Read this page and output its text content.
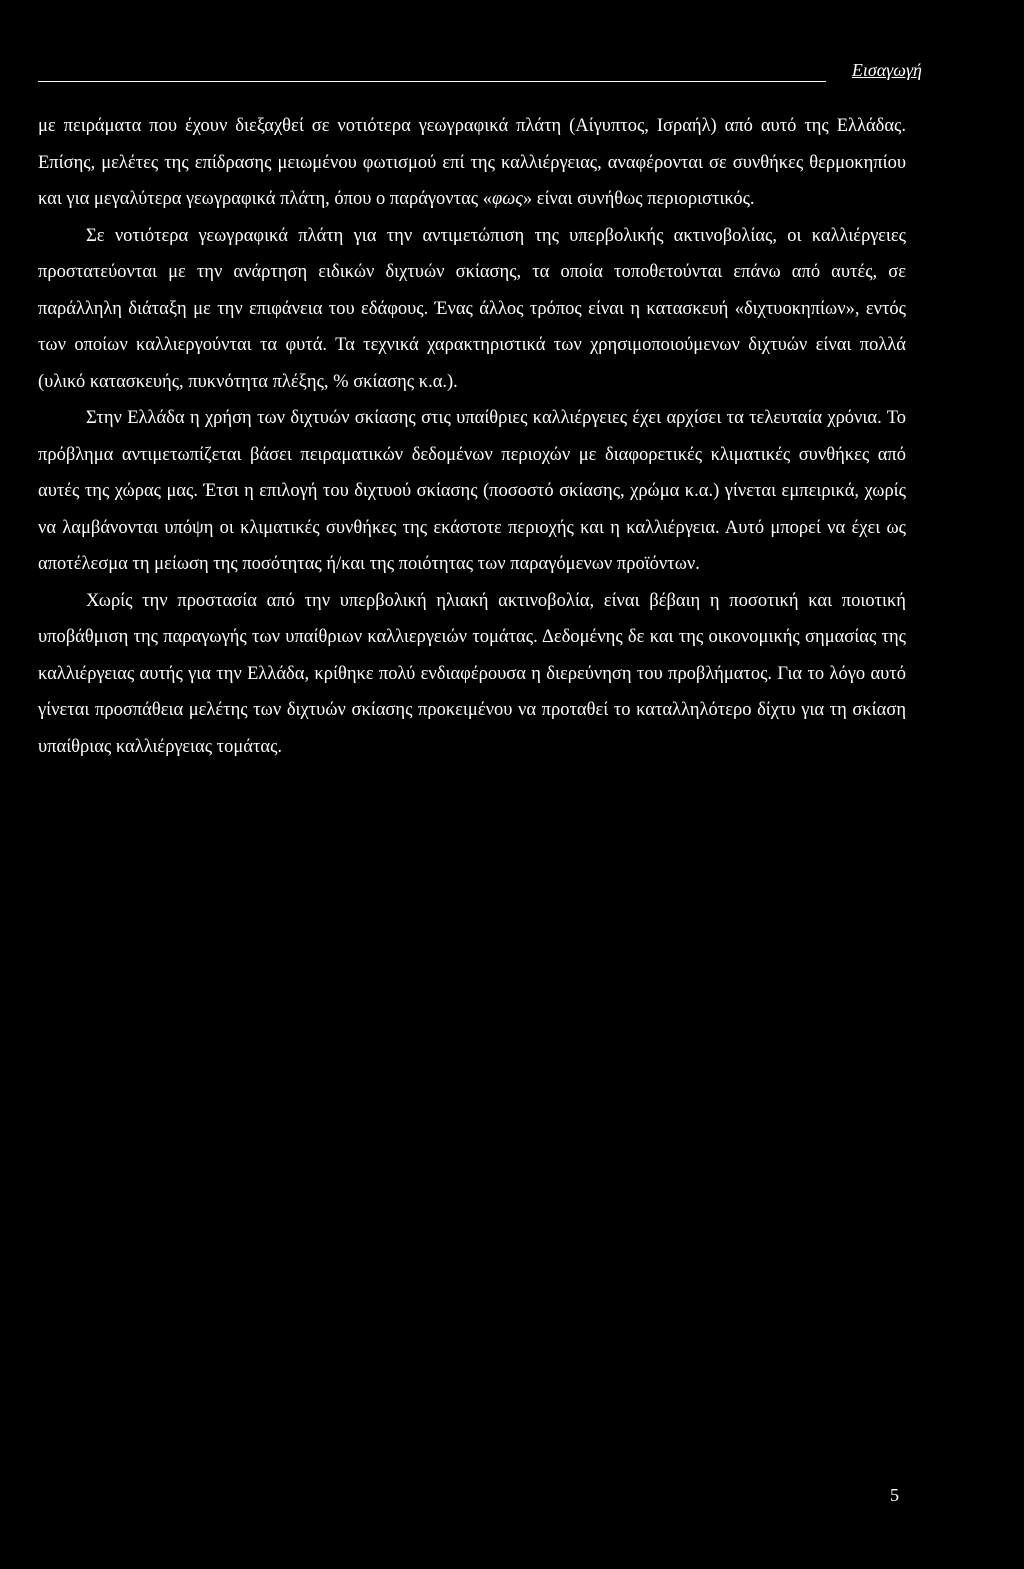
Εισαγωγή

με πειράματα που έχουν διεξαχθεί σε νοτιότερα γεωγραφικά πλάτη (Αίγυπτος, Ισραήλ) από αυτό της Ελλάδας. Επίσης, μελέτες της επίδρασης μειωμένου φωτισμού επί της καλλιέργειας, αναφέρονται σε συνθήκες θερμοκηπίου και για μεγαλύτερα γεωγραφικά πλάτη, όπου ο παράγοντας «φως» είναι συνήθως περιοριστικός.

Σε νοτιότερα γεωγραφικά πλάτη για την αντιμετώπιση της υπερβολικής ακτινοβολίας, οι καλλιέργειες προστατεύονται με την ανάρτηση ειδικών διχτυών σκίασης, τα οποία τοποθετούνται επάνω από αυτές, σε παράλληλη διάταξη με την επιφάνεια του εδάφους. Ένας άλλος τρόπος είναι η κατασκευή «διχτυοκηπίων», εντός των οποίων καλλιεργούνται τα φυτά. Τα τεχνικά χαρακτηριστικά των χρησιμοποιούμενων διχτυών είναι πολλά (υλικό κατασκευής, πυκνότητα πλέξης, % σκίασης κ.α.).

Στην Ελλάδα η χρήση των διχτυών σκίασης στις υπαίθριες καλλιέργειες έχει αρχίσει τα τελευταία χρόνια. Το πρόβλημα αντιμετωπίζεται βάσει πειραματικών δεδομένων περιοχών με διαφορετικές κλιματικές συνθήκες από αυτές της χώρας μας. Έτσι η επιλογή του διχτυού σκίασης (ποσοστό σκίασης, χρώμα κ.α.) γίνεται εμπειρικά, χωρίς να λαμβάνονται υπόψη οι κλιματικές συνθήκες της εκάστοτε περιοχής και η καλλιέργεια. Αυτό μπορεί να έχει ως αποτέλεσμα τη μείωση της ποσότητας ή/και της ποιότητας των παραγόμενων προϊόντων.

Χωρίς την προστασία από την υπερβολική ηλιακή ακτινοβολία, είναι βέβαιη η ποσοτική και ποιοτική υποβάθμιση της παραγωγής των υπαίθριων καλλιεργειών τομάτας. Δεδομένης δε και της οικονομικής σημασίας της καλλιέργειας αυτής για την Ελλάδα, κρίθηκε πολύ ενδιαφέρουσα η διερεύνηση του προβλήματος. Για το λόγο αυτό γίνεται προσπάθεια μελέτης των διχτυών σκίασης προκειμένου να προταθεί το καταλληλότερο δίχτυ για τη σκίαση υπαίθριας καλλιέργειας τομάτας.

5
